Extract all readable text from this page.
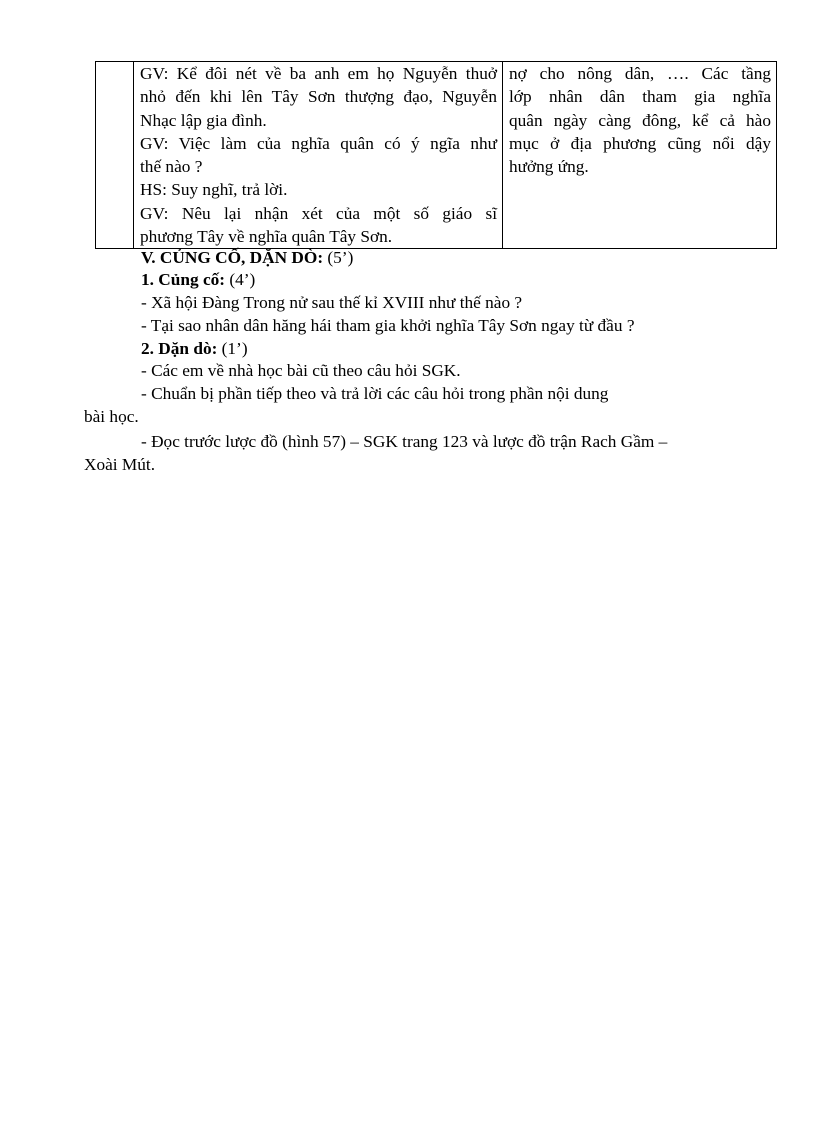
GV: Kể đôi nét về ba anh em họ Nguyễn thuở
nhỏ đến khi lên Tây Sơn thượng đạo, Nguyễn
Nhạc lập gia đình.
GV: Việc làm của nghĩa quân có ý ngĩa như
thế nào ?
HS: Suy nghĩ, trả lời.
GV: Nêu lại nhận xét của một số giáo sĩ
phương Tây về nghĩa quân Tây Sơn.

nợ cho nông dân, …. Các tầng
lớp nhân dân tham gia nghĩa
quân ngày càng đông, kể cả hào
mục ở địa phương cũng nổi dậy
hưởng ứng.
V. CỦNG CỐ, DẶN DÒ: (5’)
1. Củng cố: (4’)
- Xã hội Đàng Trong nử sau thế kỉ XVIII như thế nào ?
- Tại sao nhân dân hăng hái tham gia khởi nghĩa Tây Sơn ngay từ đầu ?
2. Dặn dò: (1’)
- Các em về nhà học bài cũ theo câu hỏi SGK.
- Chuẩn bị phần tiếp theo và trả lời các câu hỏi trong phần nội dung
bài học.
- Đọc trước lược đồ (hình 57) – SGK trang 123 và lược đồ trận Rach Gầm –
Xoài Mút.
